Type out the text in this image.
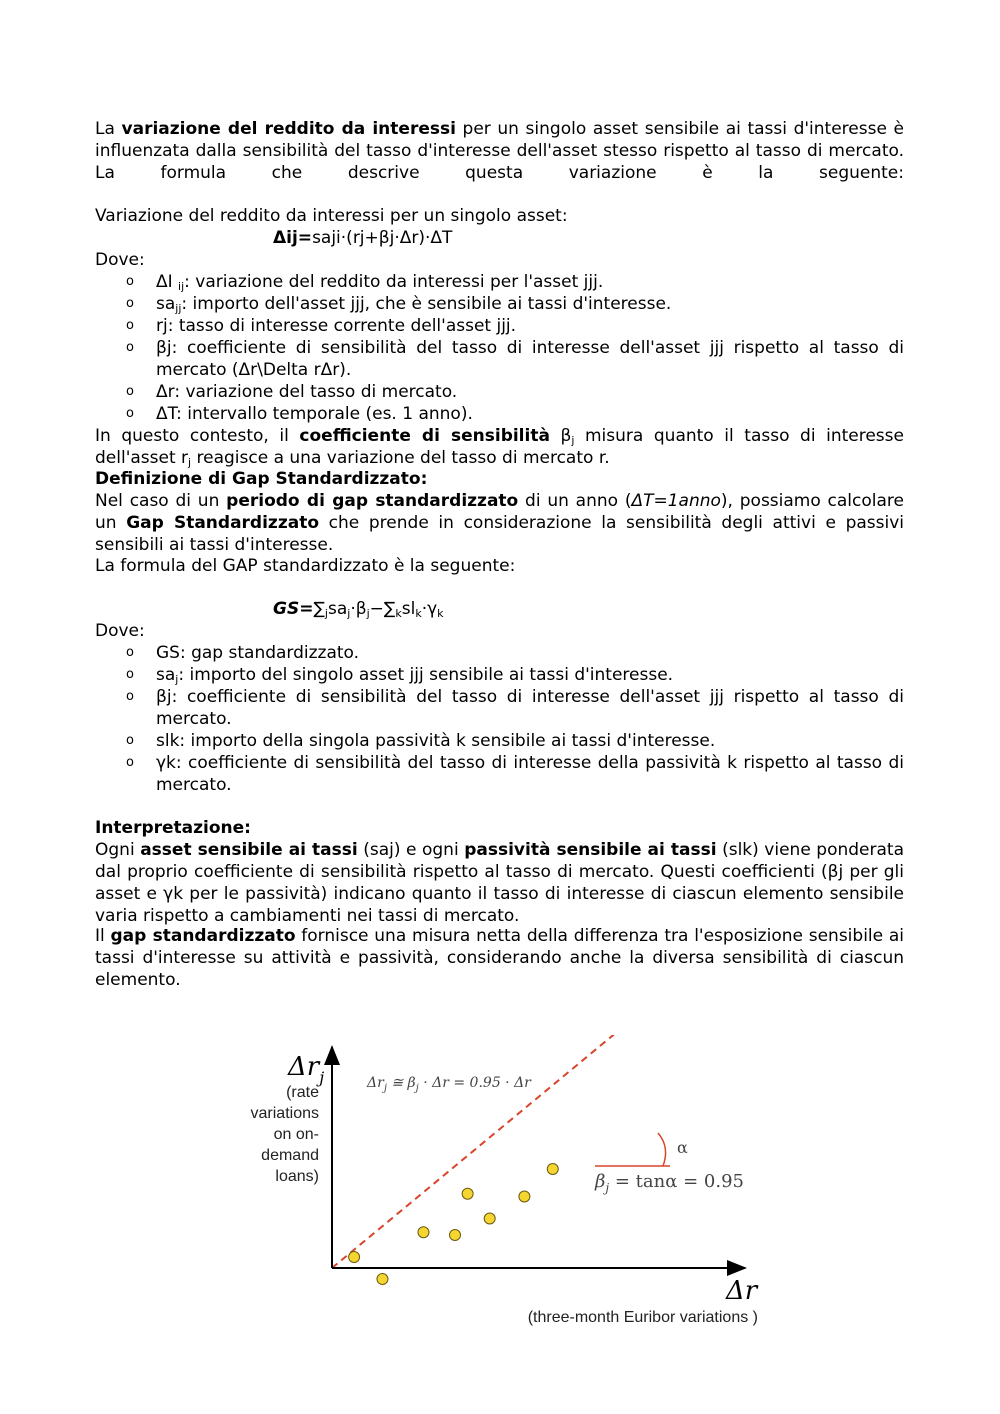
La variazione del reddito da interessi per un singolo asset sensibile ai tassi d'interesse è influenzata dalla sensibilità del tasso d'interesse dell'asset stesso rispetto al tasso di mercato. La formula che descrive questa variazione è la seguente:
Variazione del reddito da interessi per un singolo asset:
Δij=saji·(rj+βj·Δr)·ΔT
Dove:
o ΔI $_{ij}$: variazione del reddito da interessi per l'asset jjj.
o $sa_{jj}$: importo dell'asset jjj, che è sensibile ai tassi d'interesse.
o rj: tasso di interesse corrente dell'asset jjj.
o βj: coefficiente di sensibilità del tasso di interesse dell'asset jjj rispetto al tasso di mercato (Δr\Delta rΔr).
o Δr: variazione del tasso di mercato.
o ΔT: intervallo temporale (es. 1 anno).
In questo contesto, il coefficiente di sensibilità $\beta_j$ misura quanto il tasso di interesse dell'asset $r_j$ reagisce a una variazione del tasso di mercato r.
Definizione di Gap Standardizzato:
Nel caso di un periodo di gap standardizzato di un anno (ΔT=1anno), possiamo calcolare un Gap Standardizzato che prende in considerazione la sensibilità degli attivi e passivi sensibili ai tassi d'interesse.
La formula del GAP standardizzato è la seguente:
$GS=\sum_jsa_j\cdot\beta_j-\sum_ksl_k\cdot\gamma_k$
Dove:
o GS: gap standardizzato.
o $sa_j$: importo del singolo asset jjj sensibile ai tassi d'interesse.
o βj: coefficiente di sensibilità del tasso di interesse dell'asset jjj rispetto al tasso di mercato.
o slk: importo della singola passività k sensibile ai tassi d'interesse.
o γk: coefficiente di sensibilità del tasso di interesse della passività k rispetto al tasso di mercato.
Interpretazione:
Ogni asset sensibile ai tassi (saj) e ogni passività sensibile ai tassi (slk) viene ponderata dal proprio coefficiente di sensibilità rispetto al tasso di mercato. Questi coefficienti (βj per gli asset e γk per le passività) indicano quanto il tasso di interesse di ciascun elemento sensibile varia rispetto a cambiamenti nei tassi di mercato.
Il gap standardizzato fornisce una misura netta della differenza tra l'esposizione sensibile ai tassi d'interesse su attività e passività, considerando anche la diversa sensibilità di ciascun elemento.
$\Delta r_j$
(rate
variations
on on-
demand
loans)
$\Delta r_j$ ≅ $\beta_j \cdot \Delta r = 0.95 \cdot \Delta r$
α
$\beta_j = \tan\alpha = 0.95$
Δr
(three-month Euribor variations )
